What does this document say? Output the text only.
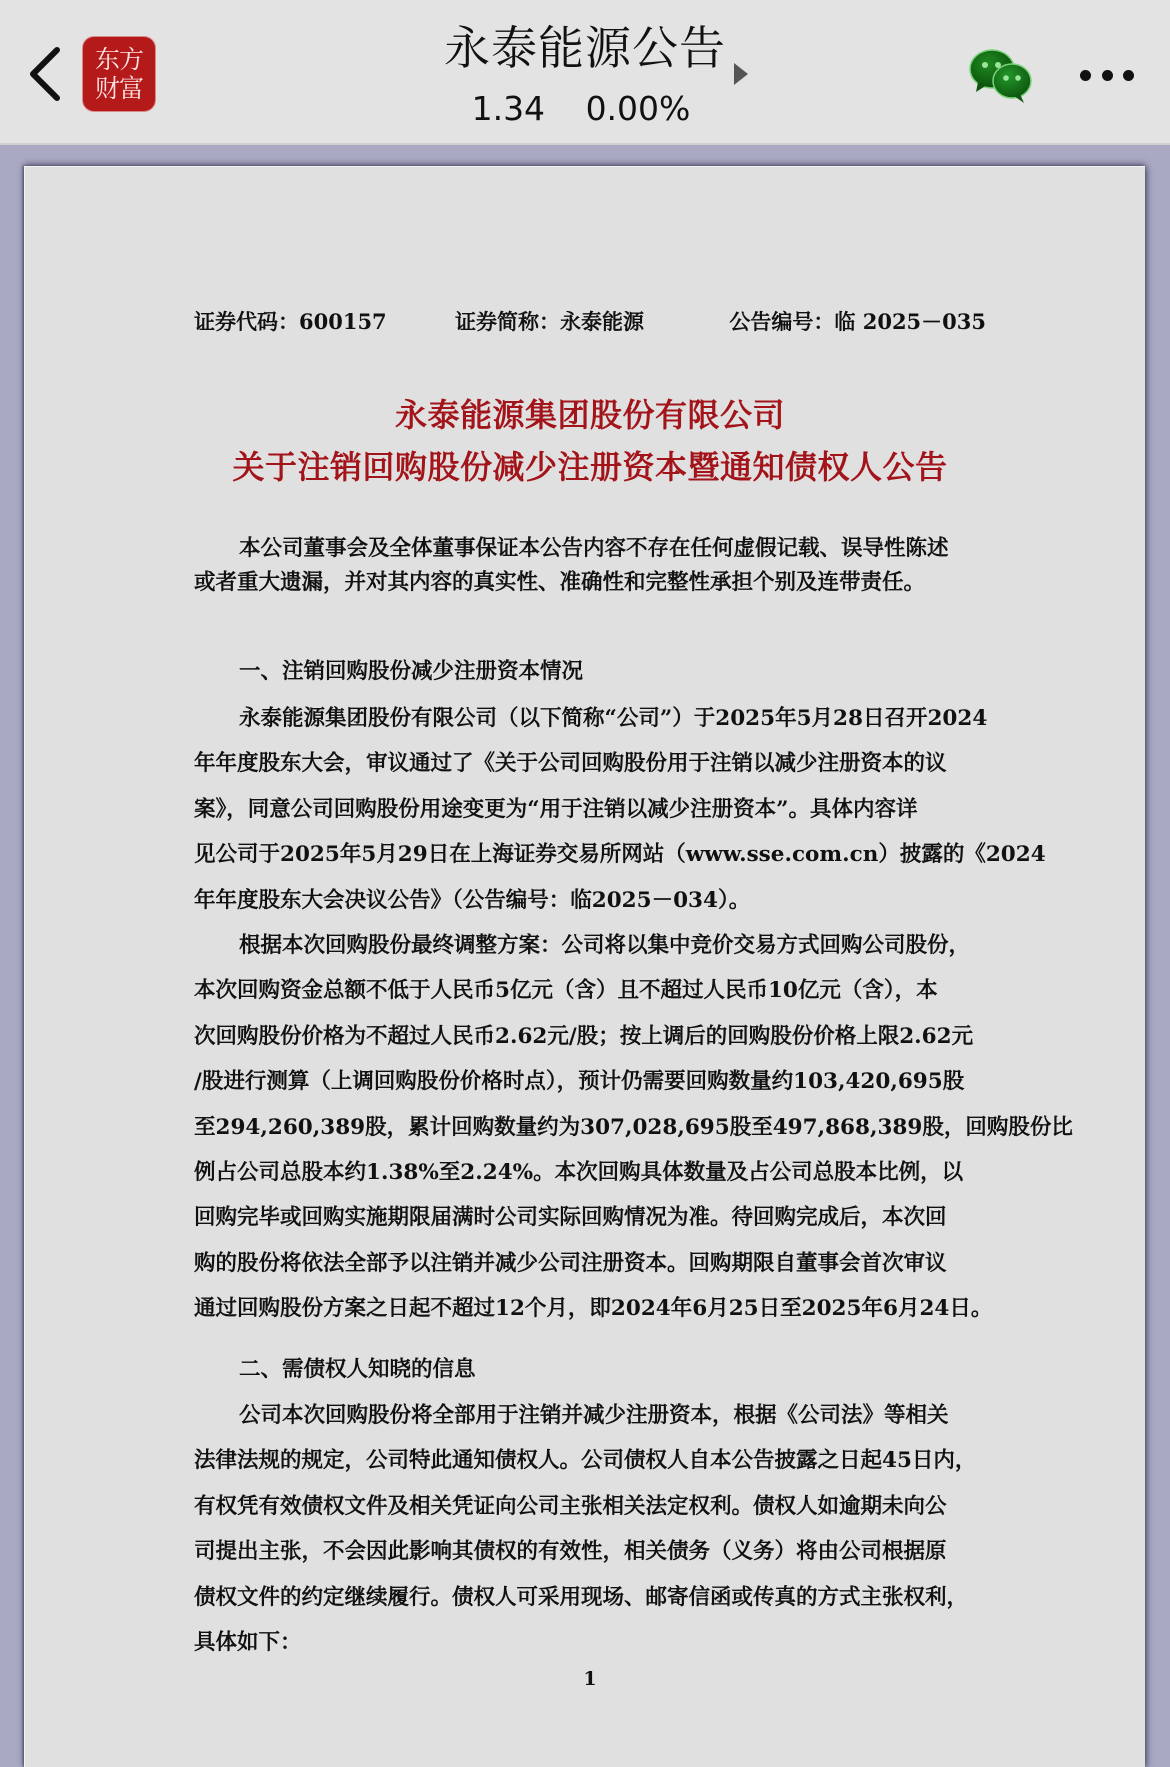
东方
财富
永泰能源公告
1.34 0.00%
证券代码：600157	证券简称：永泰能源	公告编号：临 2025－035
永泰能源集团股份有限公司
关于注销回购股份减少注册资本暨通知债权人公告

本公司董事会及全体董事保证本公告内容不存在任何虚假记载、误导性陈述

或者重大遗漏，并对其内容的真实性、准确性和完整性承担个别及连带责任。

一、注销回购股份减少注册资本情况

永泰能源集团股份有限公司（以下简称“公司”）于2025年5月28日召开2024

年年度股东大会，审议通过了《关于公司回购股份用于注销以减少注册资本的议

案》，同意公司回购股份用途变更为“用于注销以减少注册资本”。具体内容详

见公司于2025年5月29日在上海证券交易所网站（www.sse.com.cn）披露的《2024

年年度股东大会决议公告》（公告编号：临2025－034）。

根据本次回购股份最终调整方案：公司将以集中竞价交易方式回购公司股份，

本次回购资金总额不低于人民币5亿元（含）且不超过人民币10亿元（含），本

次回购股份价格为不超过人民币2.62元/股；按上调后的回购股份价格上限2.62元

/股进行测算（上调回购股份价格时点），预计仍需要回购数量约103,420,695股

至294,260,389股，累计回购数量约为307,028,695股至497,868,389股，回购股份比

例占公司总股本约1.38%至2.24%。本次回购具体数量及占公司总股本比例，以

回购完毕或回购实施期限届满时公司实际回购情况为准。待回购完成后，本次回

购的股份将依法全部予以注销并减少公司注册资本。回购期限自董事会首次审议

通过回购股份方案之日起不超过12个月，即2024年6月25日至2025年6月24日。

二、需债权人知晓的信息

公司本次回购股份将全部用于注销并减少注册资本，根据《公司法》等相关

法律法规的规定，公司特此通知债权人。公司债权人自本公告披露之日起45日内，

有权凭有效债权文件及相关凭证向公司主张相关法定权利。债权人如逾期未向公

司提出主张，不会因此影响其债权的有效性，相关债务（义务）将由公司根据原

债权文件的约定继续履行。债权人可采用现场、邮寄信函或传真的方式主张权利，

具体如下：

1
